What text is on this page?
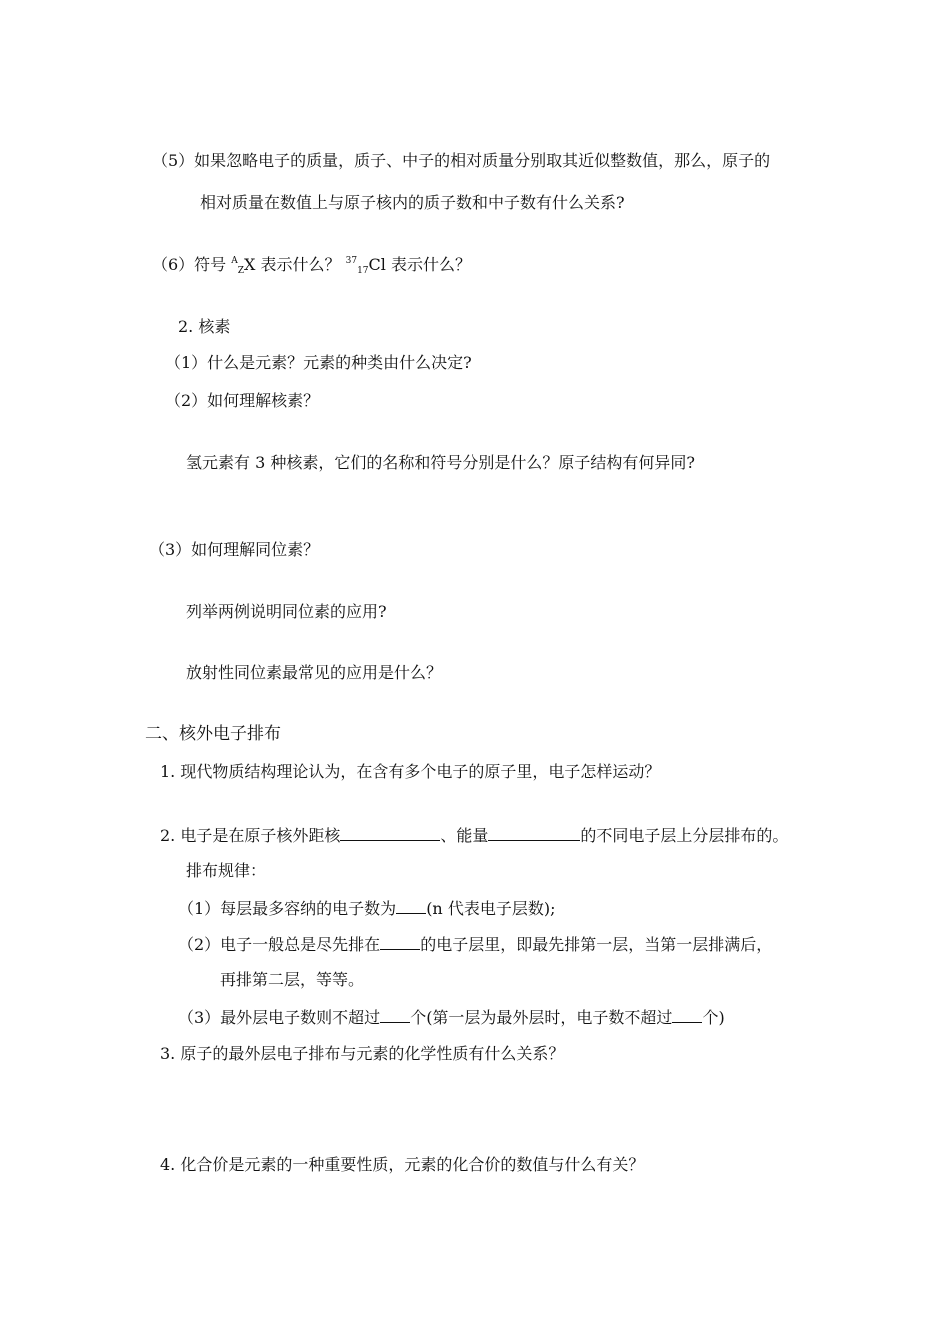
（5）如果忽略电子的质量，质子、中子的相对质量分别取其近似整数值，那么，原子的
相对质量在数值上与原子核内的质子数和中子数有什么关系?
（6）符号 $^A_Z$X 表示什么？ $^{37}_{17}$Cl 表示什么？
2. 核素
（1）什么是元素？元素的种类由什么决定?
（2）如何理解核素？
氢元素有 3 种核素，它们的名称和符号分别是什么？原子结构有何异同?
（3）如何理解同位素？
列举两例说明同位素的应用?
放射性同位素最常见的应用是什么？
二、核外电子排布
1. 现代物质结构理论认为，在含有多个电子的原子里，电子怎样运动？
2. 电子是在原子核外距核	、能量	的不同电子层上分层排布的。
排布规律：
（1）每层最多容纳的电子数为 (n 代表电子层数);
（2）电子一般总是尽先排在	的电子层里，即最先排第一层，当第一层排满后，
再排第二层，等等。
（3）最外层电子数则不超过 个(第一层为最外层时，电子数不超过 个)
3. 原子的最外层电子排布与元素的化学性质有什么关系？
4. 化合价是元素的一种重要性质，元素的化合价的数值与什么有关？
